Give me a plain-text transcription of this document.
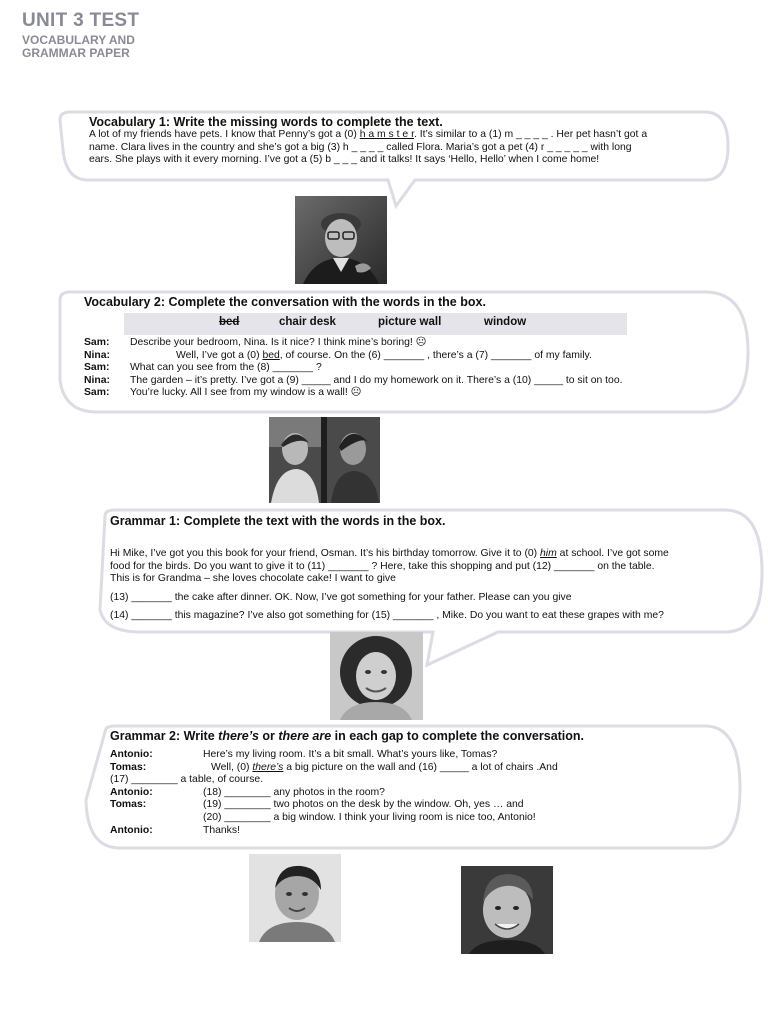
UNIT 3 TEST
VOCABULARY AND
GRAMMAR PAPER
Vocabulary 1: Write the missing words to complete the text.
A lot of my friends have pets. I know that Penny’s got a (0) h a m s t e r. It’s similar to a (1) m _ _ _ _ . Her pet hasn’t got a
name. Clara lives in the country and she’s got a big (3) h _ _ _ _ called Flora. Maria’s got a pet (4) r _ _ _ _ _ with long
ears. She plays with it every morning. I’ve got a (5) b _ _ _ and it talks! It says ‘Hello, Hello’ when I come home!
Vocabulary 2: Complete the conversation with the words in the box.
bed	chair desk	picture wall	window
Sam: Describe your bedroom, Nina. Is it nice? I think mine’s boring! ☹
Nina:	Well, I’ve got a (0) bed, of course. On the (6) _______ , there’s a (7) _______ of my family.
Sam: What can you see from the (8) _______ ?
Nina: The garden – it’s pretty. I’ve got a (9) _____ and I do my homework on it. There’s a (10) _____ to sit on too.
Sam: You’re lucky. All I see from my window is a wall! ☹
Grammar 1: Complete the text with the words in the box.
Hi Mike, I’ve got you this book for your friend, Osman. It’s his birthday tomorrow. Give it to (0) him at school. I’ve got some
food for the birds. Do you want to give it to (11) _______ ? Here, take this shopping and put (12) _______ on the table.
This is for Grandma – she loves chocolate cake! I want to give
(13) _______ the cake after dinner. OK. Now, I’ve got something for your father. Please can you give
(14) _______ this magazine? I’ve also got something for (15) _______ , Mike. Do you want to eat these grapes with me?
Grammar 2: Write there’s or there are in each gap to complete the conversation.
Antonio:	Here’s my living room. It’s a bit small. What’s yours like, Tomas?
Tomas:	Well, (0) there’s a big picture on the wall and (16) _____ a lot of chairs .And
(17) ________ a table, of course.
Antonio:	(18) ________ any photos in the room?
Tomas:	(19) ________ two photos on the desk by the window. Oh, yes … and
(20) ________ a big window. I think your living room is nice too, Antonio!
Antonio:	Thanks!
